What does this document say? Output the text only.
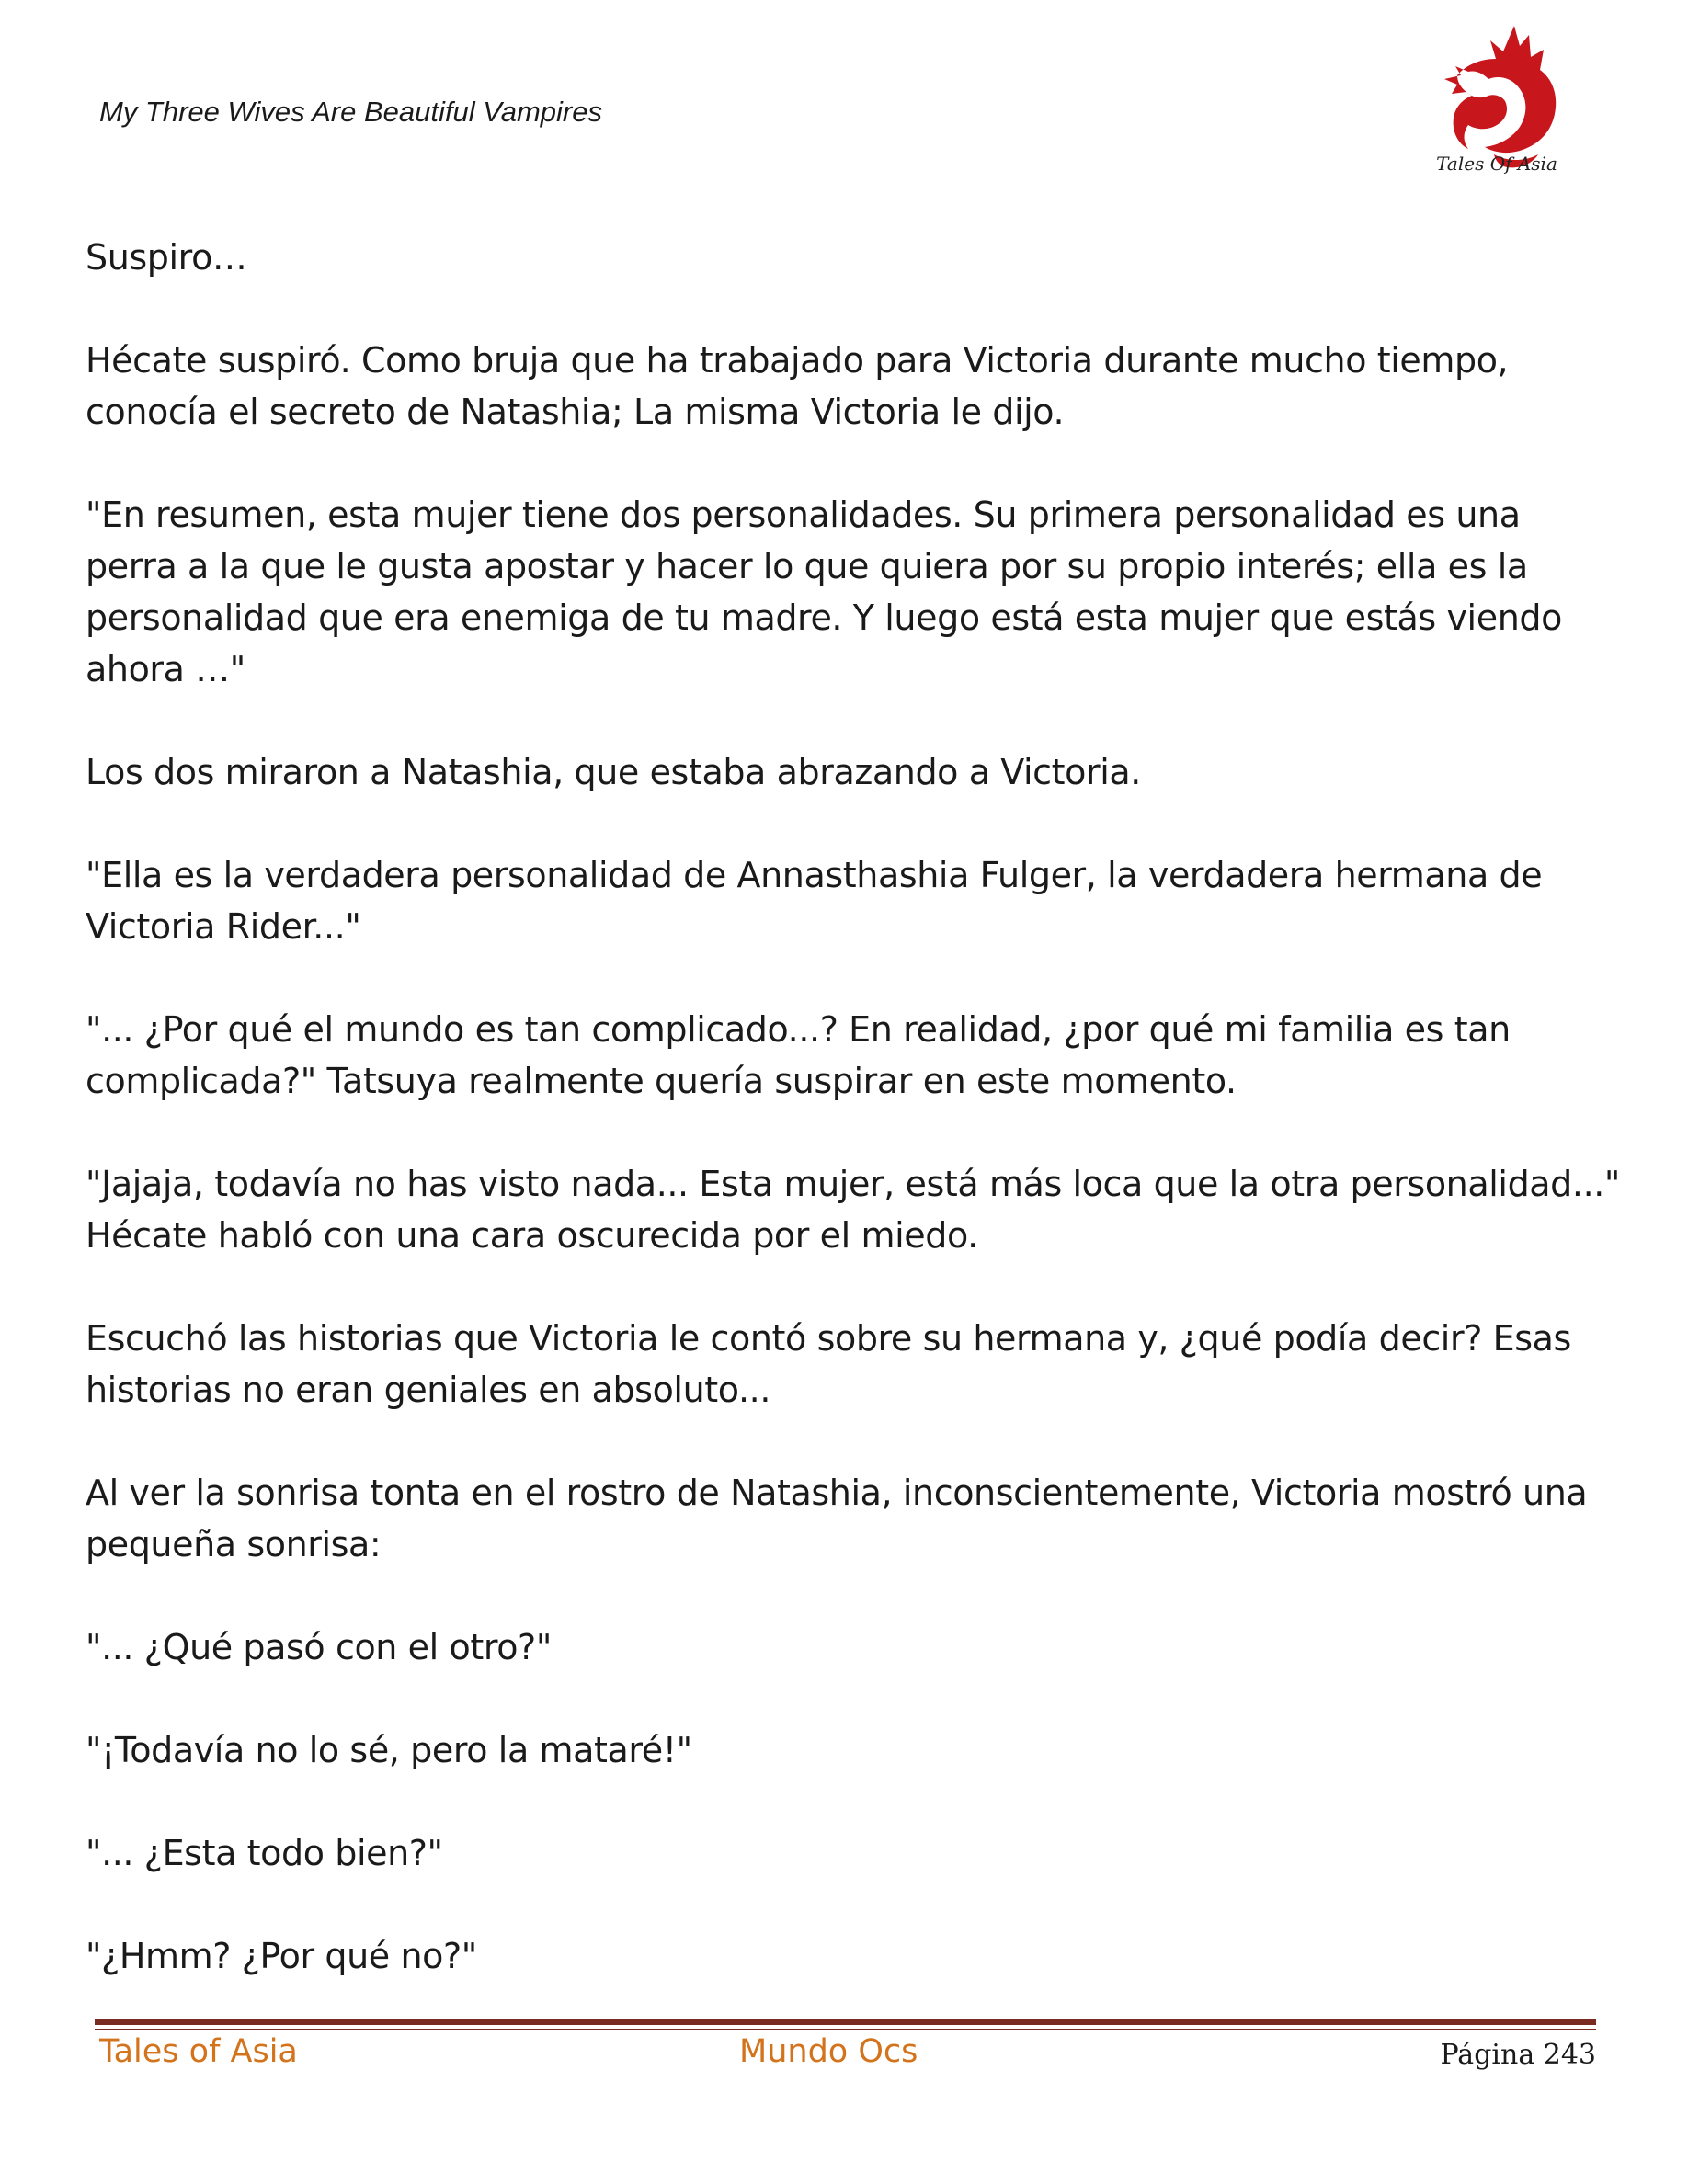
My Three Wives Are Beautiful Vampires

Tales Of Asia

Suspiro…

Hécate suspiró. Como bruja que ha trabajado para Victoria durante mucho tiempo, conocía el secreto de Natashia; La misma Victoria le dijo.

"En resumen, esta mujer tiene dos personalidades. Su primera personalidad es una perra a la que le gusta apostar y hacer lo que quiera por su propio interés; ella es la personalidad que era enemiga de tu madre. Y luego está esta mujer que estás viendo ahora …"

Los dos miraron a Natashia, que estaba abrazando a Victoria.

"Ella es la verdadera personalidad de Annasthashia Fulger, la verdadera hermana de Victoria Rider..."

"... ¿Por qué el mundo es tan complicado...? En realidad, ¿por qué mi familia es tan complicada?" Tatsuya realmente quería suspirar en este momento.

"Jajaja, todavía no has visto nada... Esta mujer, está más loca que la otra personalidad..." Hécate habló con una cara oscurecida por el miedo.

Escuchó las historias que Victoria le contó sobre su hermana y, ¿qué podía decir? Esas historias no eran geniales en absoluto...

Al ver la sonrisa tonta en el rostro de Natashia, inconscientemente, Victoria mostró una pequeña sonrisa:

"... ¿Qué pasó con el otro?"

"¡Todavía no lo sé, pero la mataré!"

"... ¿Esta todo bien?"

"¿Hmm? ¿Por qué no?"

Tales of Asia	Mundo Ocs	Página 243
